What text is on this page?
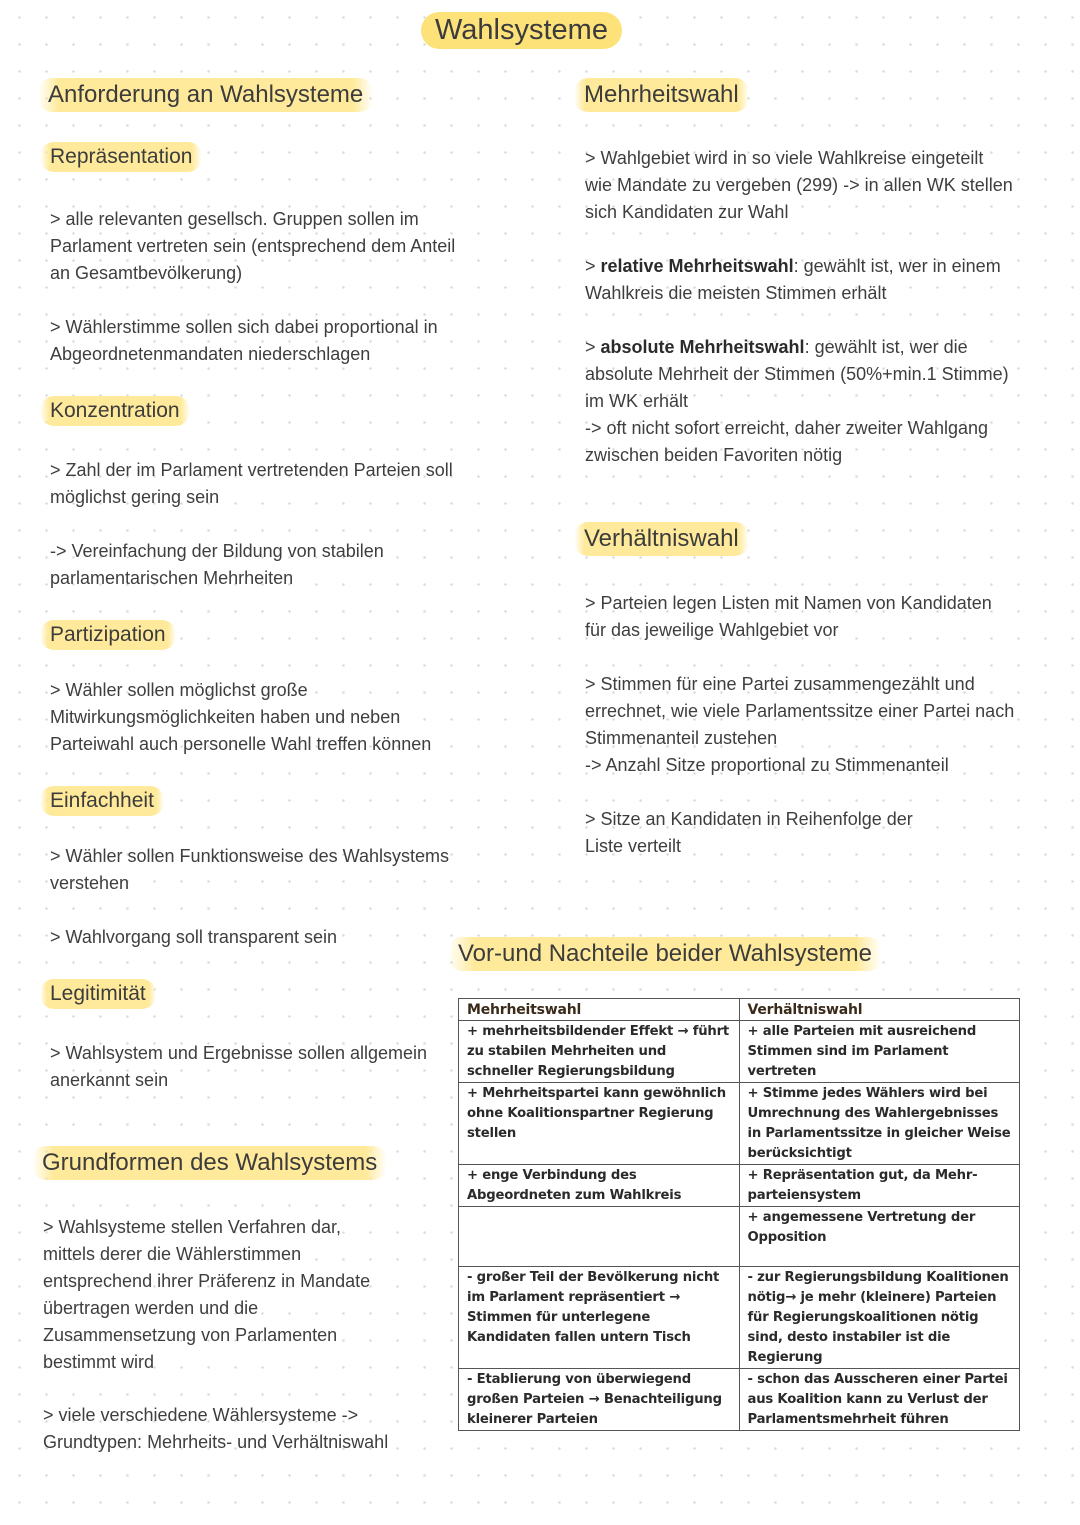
Wahlsysteme
Anforderung an Wahlsysteme
Repräsentation
> alle relevanten gesellsch. Gruppen sollen im Parlament vertreten sein (entsprechend dem Anteil an Gesamtbevölkerung)
> Wählerstimme sollen sich dabei proportional in Abgeordnetenmandaten niederschlagen
Konzentration
> Zahl der im Parlament vertretenden Parteien soll möglichst gering sein
-> Vereinfachung der Bildung von stabilen parlamentarischen Mehrheiten
Partizipation
> Wähler sollen möglichst große Mitwirkungsmöglichkeiten haben und neben Parteiwahl auch personelle Wahl treffen können
Einfachheit
> Wähler sollen Funktionsweise des Wahlsystems verstehen
> Wahlvorgang soll transparent sein
Legitimität
> Wahlsystem und Ergebnisse sollen allgemein anerkannt sein
Grundformen des Wahlsystems
> Wahlsysteme stellen Verfahren dar, mittels derer die Wählerstimmen entsprechend ihrer Präferenz in Mandate übertragen werden und die Zusammensetzung von Parlamenten bestimmt wird
> viele verschiedene Wählersysteme -> Grundtypen: Mehrheits- und Verhältniswahl
Mehrheitswahl
> Wahlgebiet wird in so viele Wahlkreise eingeteilt wie Mandate zu vergeben (299) -> in allen WK stellen sich Kandidaten zur Wahl
> relative Mehrheitswahl: gewählt ist, wer in einem Wahlkreis die meisten Stimmen erhält
> absolute Mehrheitswahl: gewählt ist, wer die absolute Mehrheit der Stimmen (50%+min.1 Stimme) im WK erhält
-> oft nicht sofort erreicht, daher zweiter Wahlgang zwischen beiden Favoriten nötig
Verhältniswahl
> Parteien legen Listen mit Namen von Kandidaten für das jeweilige Wahlgebiet vor
> Stimmen für eine Partei zusammengezählt und errechnet, wie viele Parlamentssitze einer Partei nach Stimmenanteil zustehen
-> Anzahl Sitze proportional zu Stimmenanteil
> Sitze an Kandidaten in Reihenfolge der Liste verteilt
Vor-und Nachteile beider Wahlsysteme
Mehrheitswahl	Verhältniswahl
+ mehrheitsbildender Effekt → führt zu stabilen Mehrheiten und schneller Regierungsbildung	+ alle Parteien mit ausreichend Stimmen sind im Parlament vertreten
+ Mehrheitspartei kann gewöhnlich ohne Koalitionspartner Regierung stellen	+ Stimme jedes Wählers wird bei Umrechnung des Wahlergebnisses in Parlamentssitze in gleicher Weise berücksichtigt
+ enge Verbindung des Abgeordneten zum Wahlkreis	+ Repräsentation gut, da Mehr-parteiensystem
	+ angemessene Vertretung der Opposition
- großer Teil der Bevölkerung nicht im Parlament repräsentiert → Stimmen für unterlegene Kandidaten fallen untern Tisch	- zur Regierungsbildung Koalitionen nötig→ je mehr (kleinere) Parteien für Regierungskoalitionen nötig sind, desto instabiler ist die Regierung
- Etablierung von überwiegend großen Parteien → Benachteiligung kleinerer Parteien	- schon das Ausscheren einer Partei aus Koalition kann zu Verlust der Parlamentsmehrheit führen
